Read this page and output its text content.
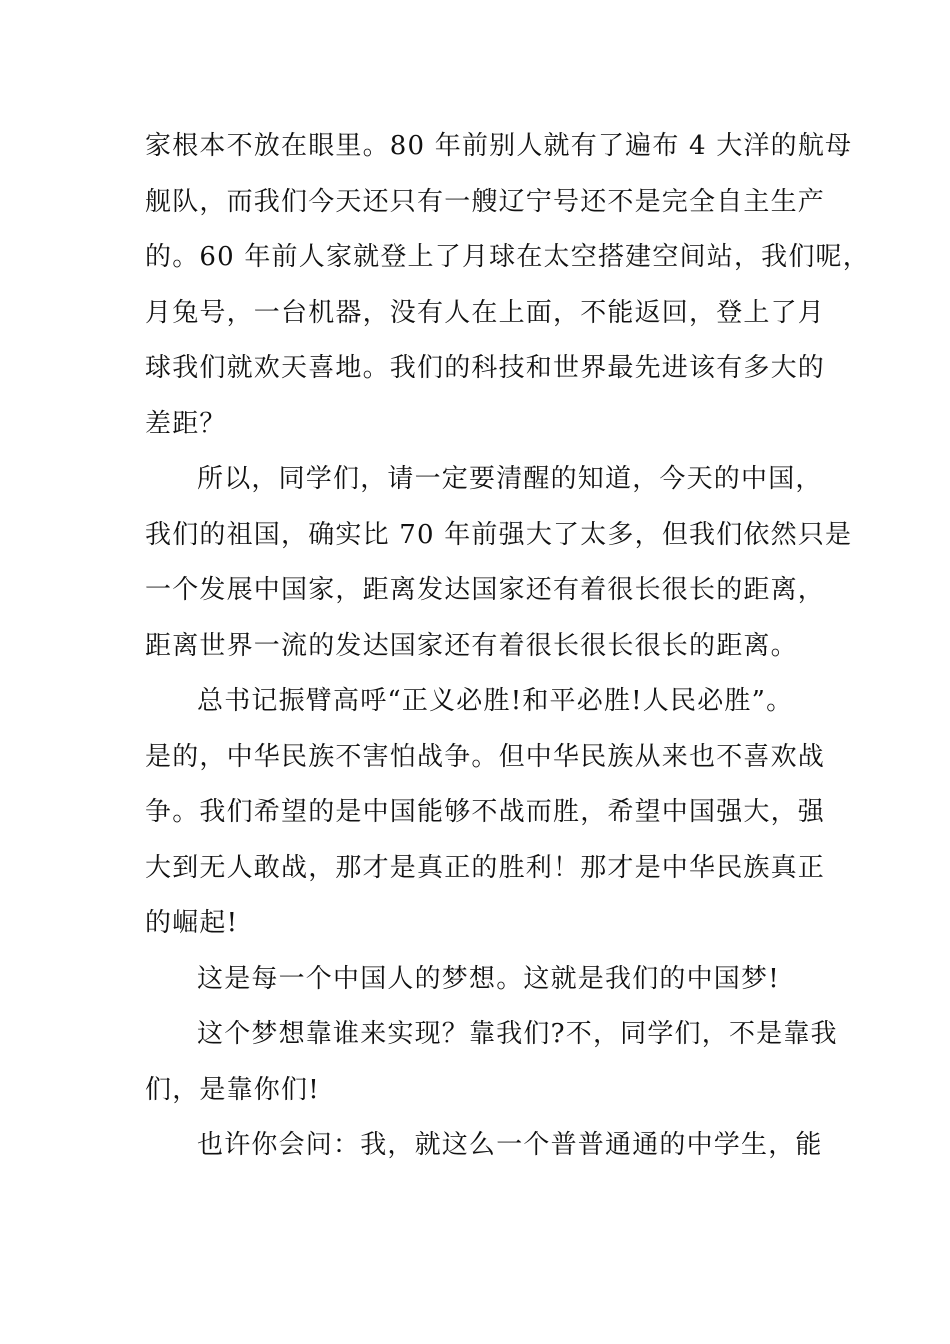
家根本不放在眼里。80 年前别人就有了遍布 4 大洋的航母
舰队，而我们今天还只有一艘辽宁号还不是完全自主生产
的。60 年前人家就登上了月球在太空搭建空间站，我们呢，
月兔号，一台机器，没有人在上面，不能返回，登上了月
球我们就欢天喜地。我们的科技和世界最先进该有多大的
差距？

所以，同学们，请一定要清醒的知道，今天的中国，
我们的祖国，确实比 70 年前强大了太多，但我们依然只是
一个发展中国家，距离发达国家还有着很长很长的距离，
距离世界一流的发达国家还有着很长很长很长的距离。

总书记振臂高呼“正义必胜!和平必胜!人民必胜”。
是的，中华民族不害怕战争。但中华民族从来也不喜欢战
争。我们希望的是中国能够不战而胜，希望中国强大，强
大到无人敢战，那才是真正的胜利！那才是中华民族真正
的崛起!

这是每一个中国人的梦想。这就是我们的中国梦!

这个梦想靠谁来实现？靠我们?不，同学们，不是靠我
们，是靠你们!

也许你会问：我，就这么一个普普通通的中学生，能
